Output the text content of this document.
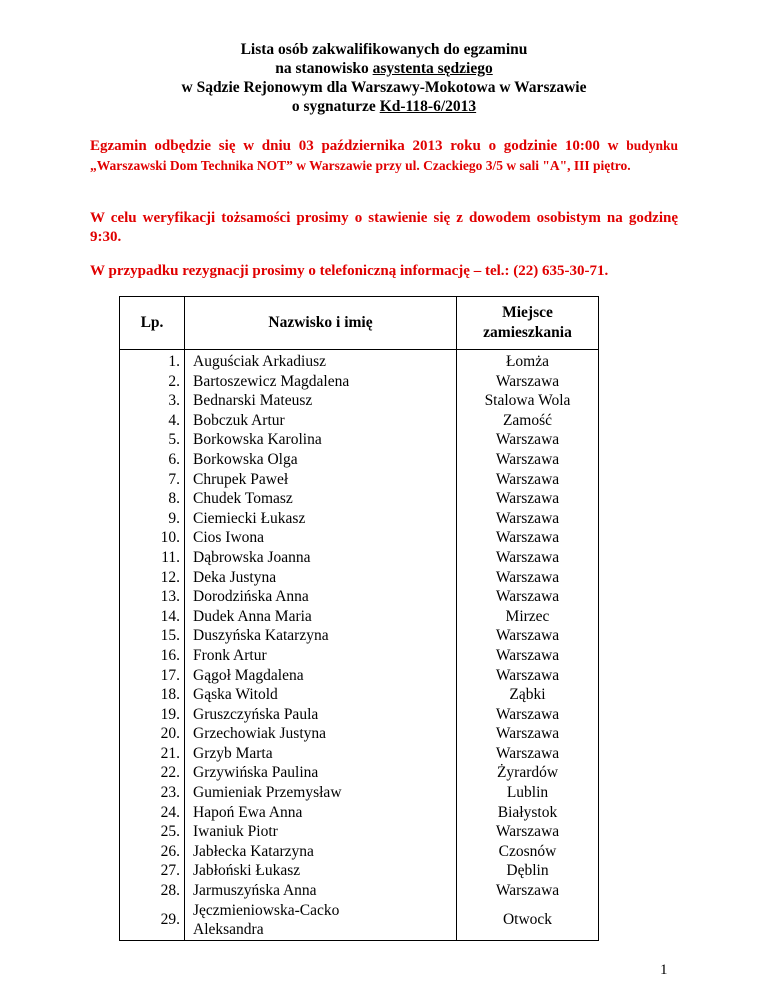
Lista osób zakwalifikowanych do egzaminu
na stanowisko asystenta sędziego
w Sądzie Rejonowym dla Warszawy-Mokotowa w Warszawie
o sygnaturze Kd-118-6/2013
Egzamin odbędzie się w dniu 03 października 2013 roku o godzinie 10:00 w budynku „Warszawski Dom Technika NOT” w Warszawie przy ul. Czackiego 3/5 w sali "A", III piętro.
W celu weryfikacji tożsamości prosimy o stawienie się z dowodem osobistym na godzinę 9:30.
W przypadku rezygnacji prosimy o telefoniczną informację – tel.: (22) 635-30-71.
Lp.	Nazwisko i imię	Miejsce
zamieszkania

1.	Auguściak Arkadiusz	Łomża
2.	Bartoszewicz Magdalena	Warszawa
3.	Bednarski Mateusz	Stalowa Wola
4.	Bobczuk Artur	Zamość
5.	Borkowska Karolina	Warszawa
6.	Borkowska Olga	Warszawa
7.	Chrupek Paweł	Warszawa
8.	Chudek Tomasz	Warszawa
9.	Ciemiecki Łukasz	Warszawa
10.	Cios Iwona	Warszawa
11.	Dąbrowska Joanna	Warszawa
12.	Deka Justyna	Warszawa
13.	Dorodzińska Anna	Warszawa
14.	Dudek Anna Maria	Mirzec
15.	Duszyńska Katarzyna	Warszawa
16.	Fronk Artur	Warszawa
17.	Gągoł Magdalena	Warszawa
18.	Gąska Witold	Ząbki
19.	Gruszczyńska Paula	Warszawa
20.	Grzechowiak Justyna	Warszawa
21.	Grzyb Marta	Warszawa
22.	Grzywińska Paulina	Żyrardów
23.	Gumieniak Przemysław	Lublin
24.	Hapoń Ewa Anna	Białystok
25.	Iwaniuk Piotr	Warszawa
26.	Jabłecka Katarzyna	Czosnów
27.	Jabłoński Łukasz	Dęblin
28.	Jarmuszyńska Anna	Warszawa
29.	Jęczmieniowska-Cacko
Aleksandra	Otwock
1
